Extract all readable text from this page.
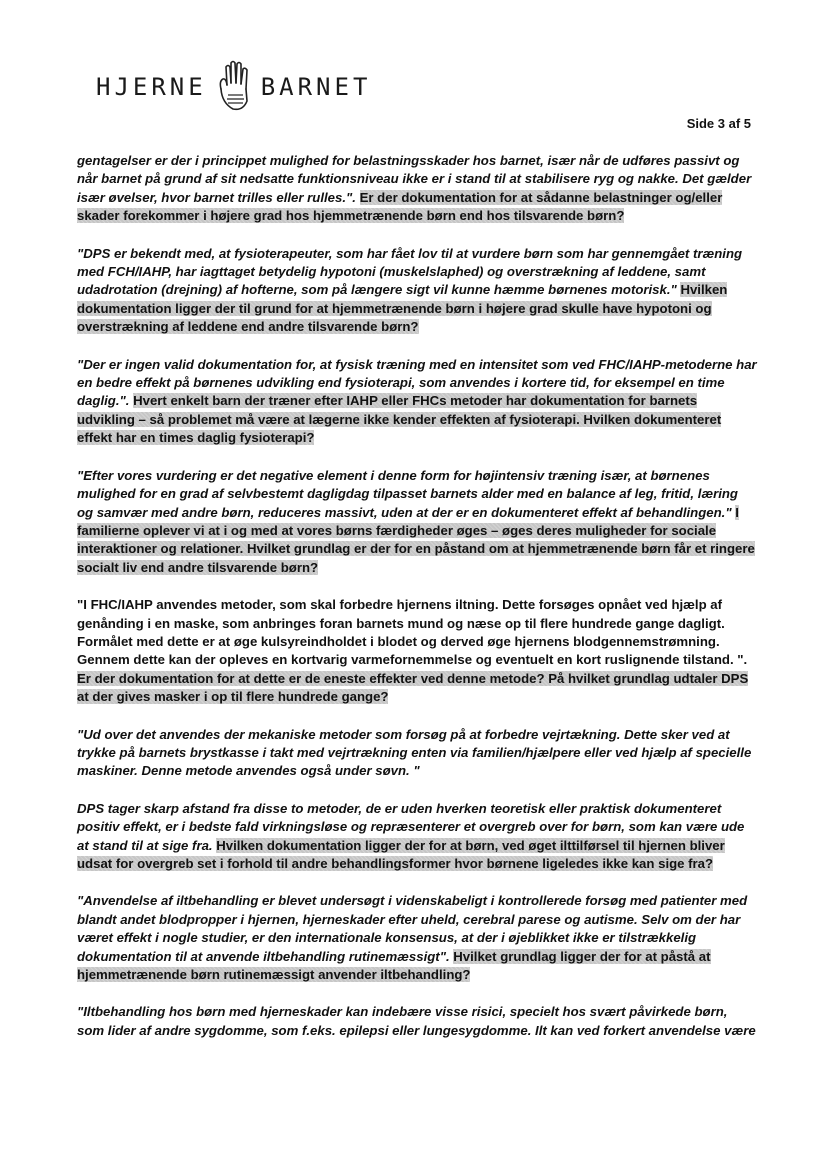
HJERNE BARNET
Side 3 af 5

gentagelser er der i princippet mulighed for belastningsskader hos barnet, især når de udføres passivt og når barnet på grund af sit nedsatte funktionsniveau ikke er i stand til at stabilisere ryg og nakke. Det gælder især øvelser, hvor barnet trilles eller rulles.". Er der dokumentation for at sådanne belastninger og/eller skader forekommer i højere grad hos hjemmetrænende børn end hos tilsvarende børn?

"DPS er bekendt med, at fysioterapeuter, som har fået lov til at vurdere børn som har gennemgået træning med FCH/IAHP, har iagttaget betydelig hypotoni (muskelslaphed) og overstrækning af leddene, samt udadrotation (drejning) af hofterne, som på længere sigt vil kunne hæmme børnenes motorisk." Hvilken dokumentation ligger der til grund for at hjemmetrænende børn i højere grad skulle have hypotoni og overstrækning af leddene end andre tilsvarende børn?

"Der er ingen valid dokumentation for, at fysisk træning med en intensitet som ved FHC/IAHP-metoderne har en bedre effekt på børnenes udvikling end fysioterapi, som anvendes i kortere tid, for eksempel en time daglig.". Hvert enkelt barn der træner efter IAHP eller FHCs metoder har dokumentation for barnets udvikling – så problemet må være at lægerne ikke kender effekten af fysioterapi. Hvilken dokumenteret effekt har en times daglig fysioterapi?

"Efter vores vurdering er det negative element i denne form for højintensiv træning især, at børnenes mulighed for en grad af selvbestemt dagligdag tilpasset barnets alder med en balance af leg, fritid, læring og samvær med andre børn, reduceres massivt, uden at der er en dokumenteret effekt af behandlingen." I familierne oplever vi at i og med at vores børns færdigheder øges – øges deres muligheder for sociale interaktioner og relationer. Hvilket grundlag er der for en påstand om at hjemmetrænende børn får et ringere socialt liv end andre tilsvarende børn?

"I FHC/IAHP anvendes metoder, som skal forbedre hjernens iltning. Dette forsøges opnået ved hjælp af genånding i en maske, som anbringes foran barnets mund og næse op til flere hundrede gange dagligt. Formålet med dette er at øge kulsyreindholdet i blodet og derved øge hjernens blodgennemstrømning. Gennem dette kan der opleves en kortvarig varmefornemmelse og eventuelt en kort ruslignende tilstand. ". Er der dokumentation for at dette er de eneste effekter ved denne metode? På hvilket grundlag udtaler DPS at der gives masker i op til flere hundrede gange?

"Ud over det anvendes der mekaniske metoder som forsøg på at forbedre vejrtækning. Dette sker ved at trykke på barnets brystkasse i takt med vejrtrækning enten via familien/hjælpere eller ved hjælp af specielle maskiner. Denne metode anvendes også under søvn. "

DPS tager skarp afstand fra disse to metoder, de er uden hverken teoretisk eller praktisk dokumenteret positiv effekt, er i bedste fald virkningsløse og repræsenterer et overgreb over for børn, som kan være ude at stand til at sige fra. Hvilken dokumentation ligger der for at børn, ved øget ilttilførsel til hjernen bliver udsat for overgreb set i forhold til andre behandlingsformer hvor børnene ligeledes ikke kan sige fra?

"Anvendelse af iltbehandling er blevet undersøgt i videnskabeligt i kontrollerede forsøg med patienter med blandt andet blodpropper i hjernen, hjerneskader efter uheld, cerebral parese og autisme. Selv om der har været effekt i nogle studier, er den internationale konsensus, at der i øjeblikket ikke er tilstrækkelig dokumentation til at anvende iltbehandling rutinemæssigt". Hvilket grundlag ligger der for at påstå at hjemmetrænende børn rutinemæssigt anvender iltbehandling?

"Iltbehandling hos børn med hjerneskader kan indebære visse risici, specielt hos svært påvirkede børn, som lider af andre sygdomme, som f.eks. epilepsi eller lungesygdomme. Ilt kan ved forkert anvendelse være
